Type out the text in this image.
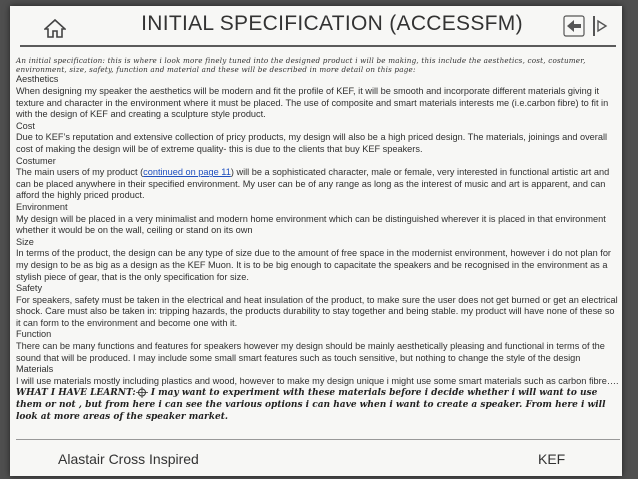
INITIAL SPECIFICATION (ACCESSFM)

An initial specification: this is where i look more finely tuned into the designed product i will be making, this include the aesthetics, cost, costumer, environment, size, safety, function and material and these will be described in more detail on this page:

Aesthetics

When designing my speaker the aesthetics will be modern and fit the profile of KEF, it will be smooth and incorporate different materials giving it texture and character in the environment where it must be placed. The use of composite and smart materials interests me (i.e.carbon fibre) to fit in with the design of KEF and creating a sculpture style product.

Cost

Due to KEF’s reputation and extensive collection of pricy products, my design will also be a high priced design. The materials, joinings and overall cost of making the design will be of extreme quality- this is due to the clients that buy KEF speakers.

Costumer

The main users of my product (continued on page 11) will be a sophisticated character, male or female, very interested in functional artistic art and can be placed anywhere in their specified environment. My user can be of any range as long as the interest of music and art is apparent, and can afford the highly priced product.

Environment

My design will be placed in a very minimalist and modern home environment which can be distinguished wherever it is placed in that environment whether it would be on the wall, ceiling or stand on its own

Size

In terms of the product, the design can be any type of size due to the amount of free space in the modernist environment, however i do not plan for my design to be as big as a design as the KEF Muon. It is to be big enough to capacitate the speakers and be recognised in the environment as a stylish piece of gear, that is the only specification for size.

Safety

For speakers, safety must be taken in the electrical and heat insulation of the product, to make sure the user does not get burned or get an electrical shock. Care must also be taken in: tripping hazards, the products durability to stay together and being stable. my product will have none of these so it can form to the environment and become one with it.

Function

There can be many functions and features for speakers however my design should be mainly aesthetically pleasing and functional in terms of the sound that will be produced. I may include some small smart features such as touch sensitive, but nothing to change the style of the design

Materials

I will use materials mostly including plastics and wood, however to make my design unique i might use some smart materials such as carbon fibre….

WHAT I HAVE LEARNT: I may want to experiment with these materials before i decide whether i will want to use them or not , but from here i can see the various options i can have when i want to create a speaker. From here i will look at more areas of the speaker market.

Alastair Cross Inspired	KEF
